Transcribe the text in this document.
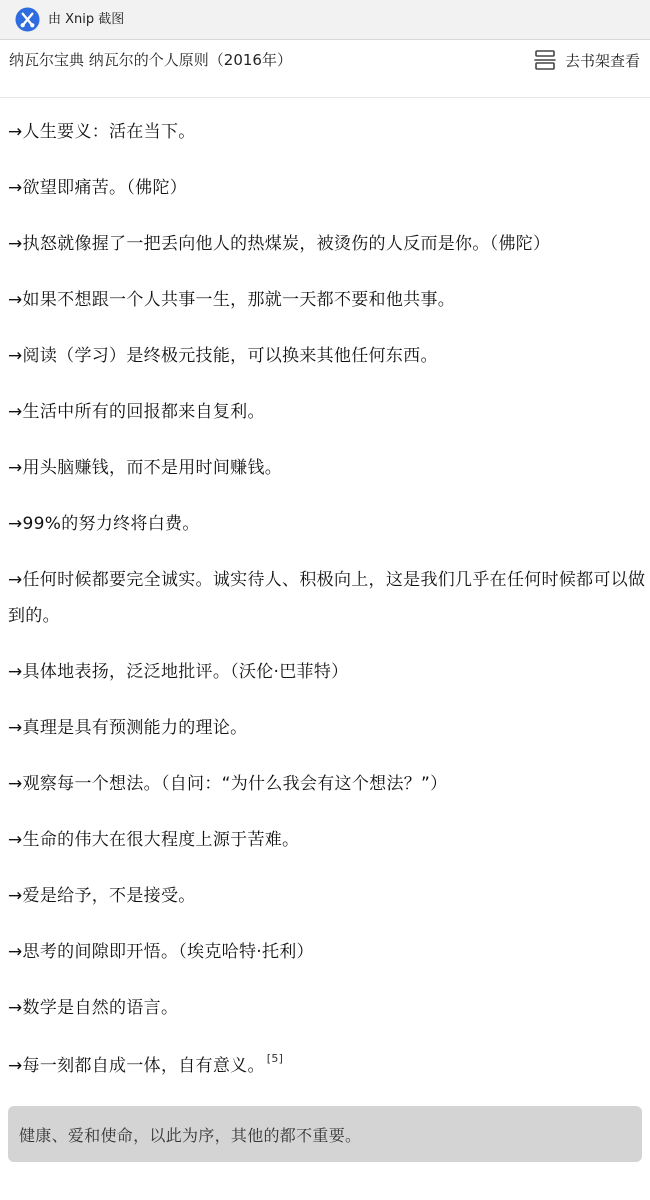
由 Xnip 截图
纳瓦尔宝典 纳瓦尔的个人原则（2016年）	去书架查看
→人生要义：活在当下。
→欲望即痛苦。（佛陀）
→执怒就像握了一把丢向他人的热煤炭，被烫伤的人反而是你。（佛陀）
→如果不想跟一个人共事一生，那就一天都不要和他共事。
→阅读（学习）是终极元技能，可以换来其他任何东西。
→生活中所有的回报都来自复利。
→用头脑赚钱，而不是用时间赚钱。
→99%的努力终将白费。
→任何时候都要完全诚实。诚实待人、积极向上，这是我们几乎在任何时候都可以做到的。
→具体地表扬，泛泛地批评。（沃伦·巴菲特）
→真理是具有预测能力的理论。
→观察每一个想法。（自问：“为什么我会有这个想法？”）
→生命的伟大在很大程度上源于苦难。
→爱是给予，不是接受。
→思考的间隙即开悟。（埃克哈特·托利）
→数学是自然的语言。
→每一刻都自成一体，自有意义。 [5]
健康、爱和使命，以此为序，其他的都不重要。
